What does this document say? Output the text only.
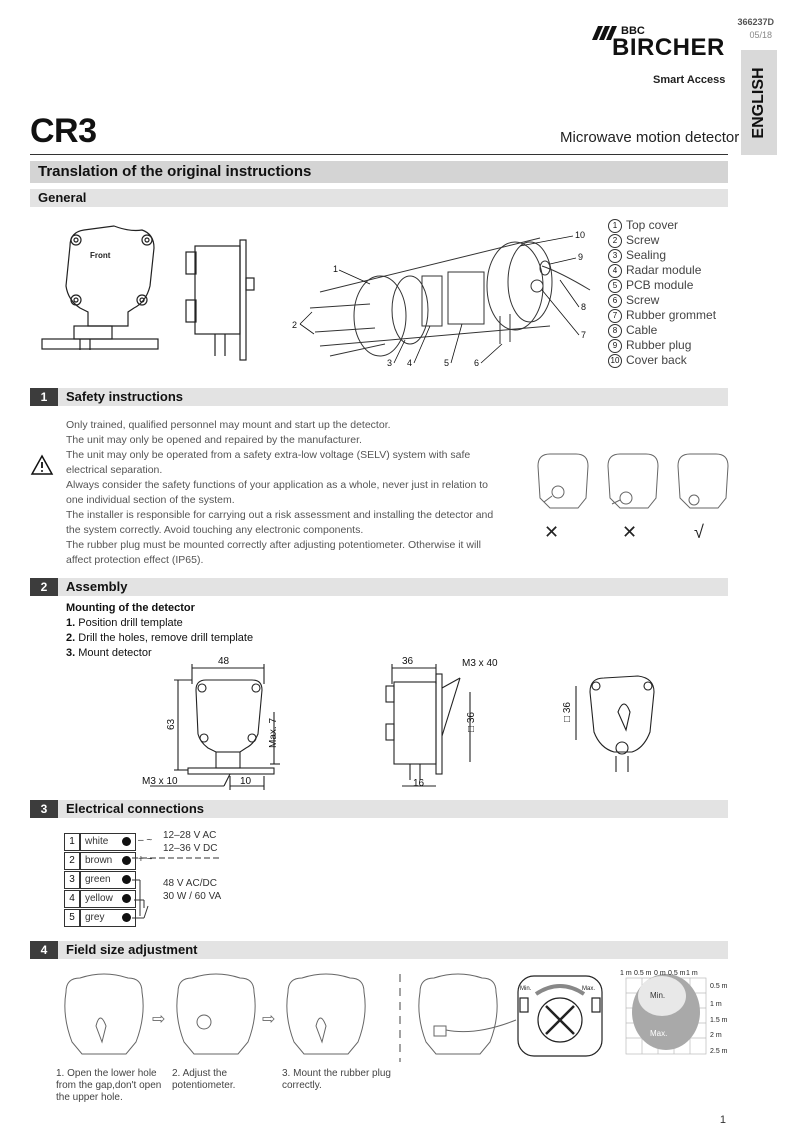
366237D
05/18
BBC
BIRCHER
Smart Access ENGLISH
CR3	Microwave motion detector
Translation of the original instructions
General
Front
1
2
3 4	5	6
7
8
9
10
1 Top cover
2 Screw
3 Sealing
4 Radar module
5 PCB module
6 Screw
7 Rubber grommet
8 Cable
9 Rubber plug
10 Cover back
1	Safety instructions

Only trained, qualified personnel may mount and start up the detector.

The unit may only be opened and repaired by the manufacturer.

The unit may only be operated from a safety extra-low voltage (SELV) system with safe electrical separation.

Always consider the safety functions of your application as a whole, never just in relation to one individual section of the system.

The installer is responsible for carrying out a risk assessment and installing the detector and the system correctly. Avoid touching any electronic components.

The rubber plug must be mounted correctly after adjusting potentiometer. Otherwise it will affect protection effect (IP65).

✕	✕	√
2	Assembly
Mounting of the detector
1. Position drill template
2. Drill the holes, remove drill template
3. Mount detector
48
63	Max. 7
M3 x 10	10
36	M3 x 40
□ 36
16
□ 36
3	Electrical connections
1	white	– ~
2	brown	+ ~
3	green
4	yellow
5	grey
12–28 V AC
12–36 V DC
48 V AC/DC
30 W / 60 VA
4	Field size adjustment
⇨	⇨
Min.	Max.
1. Open the lower hole from the gap,don't open the upper hole.
2. Adjust the potentiometer.
3. Mount the rubber plug correctly.
Min.
Max.
1 m 0.5 m 0 m 0.5 m 1 m
0.5 m
1 m
1.5 m
2 m
2.5 m
1
